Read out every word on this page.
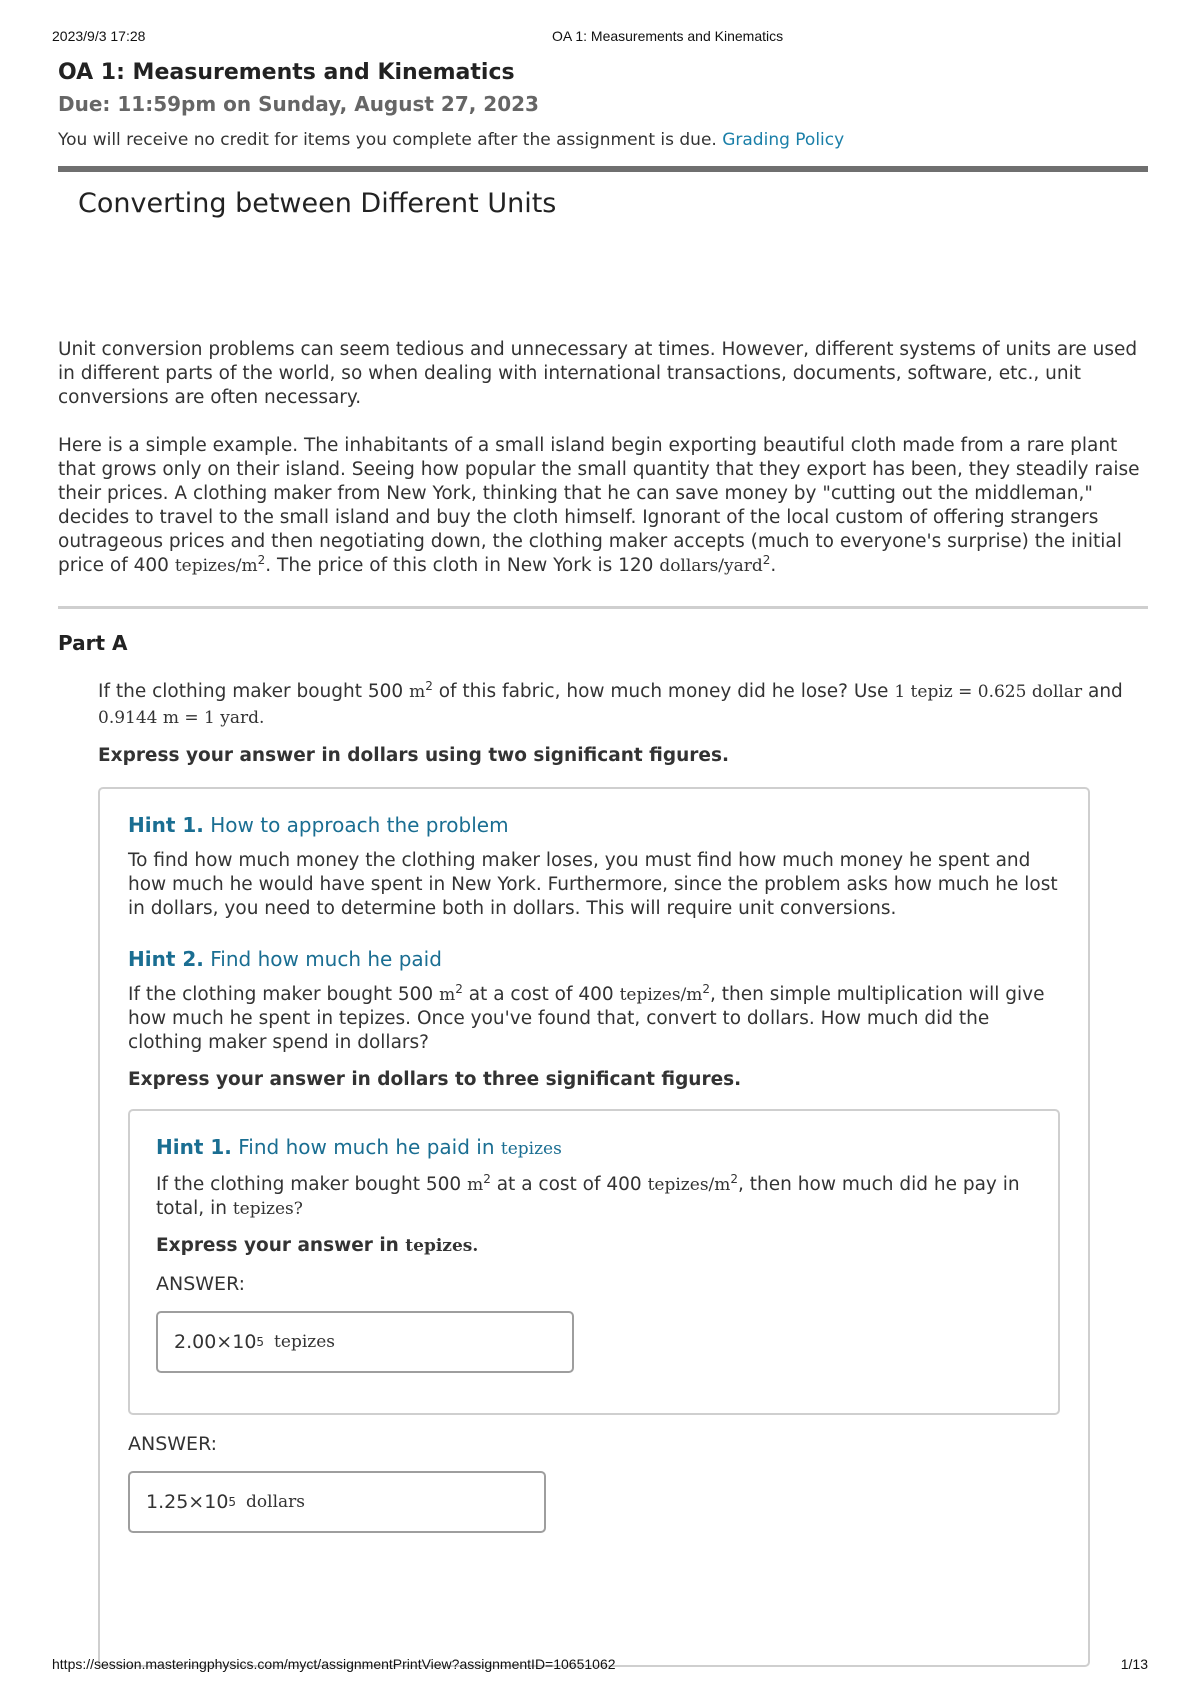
2023/9/3 17:28	OA 1: Measurements and Kinematics
OA 1: Measurements and Kinematics
Due: 11:59pm on Sunday, August 27, 2023
You will receive no credit for items you complete after the assignment is due. Grading Policy
Converting between Different Units

Unit conversion problems can seem tedious and unnecessary at times. However, different systems of units are used in different parts of the world, so when dealing with international transactions, documents, software, etc., unit conversions are often necessary.

Here is a simple example. The inhabitants of a small island begin exporting beautiful cloth made from a rare plant that grows only on their island. Seeing how popular the small quantity that they export has been, they steadily raise their prices. A clothing maker from New York, thinking that he can save money by "cutting out the middleman," decides to travel to the small island and buy the cloth himself. Ignorant of the local custom of offering strangers outrageous prices and then negotiating down, the clothing maker accepts (much to everyone's surprise) the initial price of 400 tepizes/$m^2$. The price of this cloth in New York is 120 dollars/yard$^2$.

Part A
If the clothing maker bought 500 $m^2$ of this fabric, how much money did he lose? Use 1 tepiz = 0.625 dollar and
0.9144 m = 1 yard.
Express your answer in dollars using two significant figures.
Hint 1. How to approach the problem
To find how much money the clothing maker loses, you must find how much money he spent and how much he would have spent in New York. Furthermore, since the problem asks how much he lost in dollars, you need to determine both in dollars. This will require unit conversions.
Hint 2. Find how much he paid
If the clothing maker bought 500 $m^2$ at a cost of 400 tepizes/$m^2$, then simple multiplication will give how much he spent in tepizes. Once you've found that, convert to dollars. How much did the clothing maker spend in dollars?
Express your answer in dollars to three significant figures.
Hint 1. Find how much he paid in tepizes
If the clothing maker bought 500 $m^2$ at a cost of 400 tepizes/$m^2$, then how much did he pay in total, in tepizes?
Express your answer in tepizes.
ANSWER:
2.00×10 5 tepizes
ANSWER:
1.25×10 5 dollars
https://session.masteringphysics.com/myct/assignmentPrintView?assignmentID=10651062	1/13
